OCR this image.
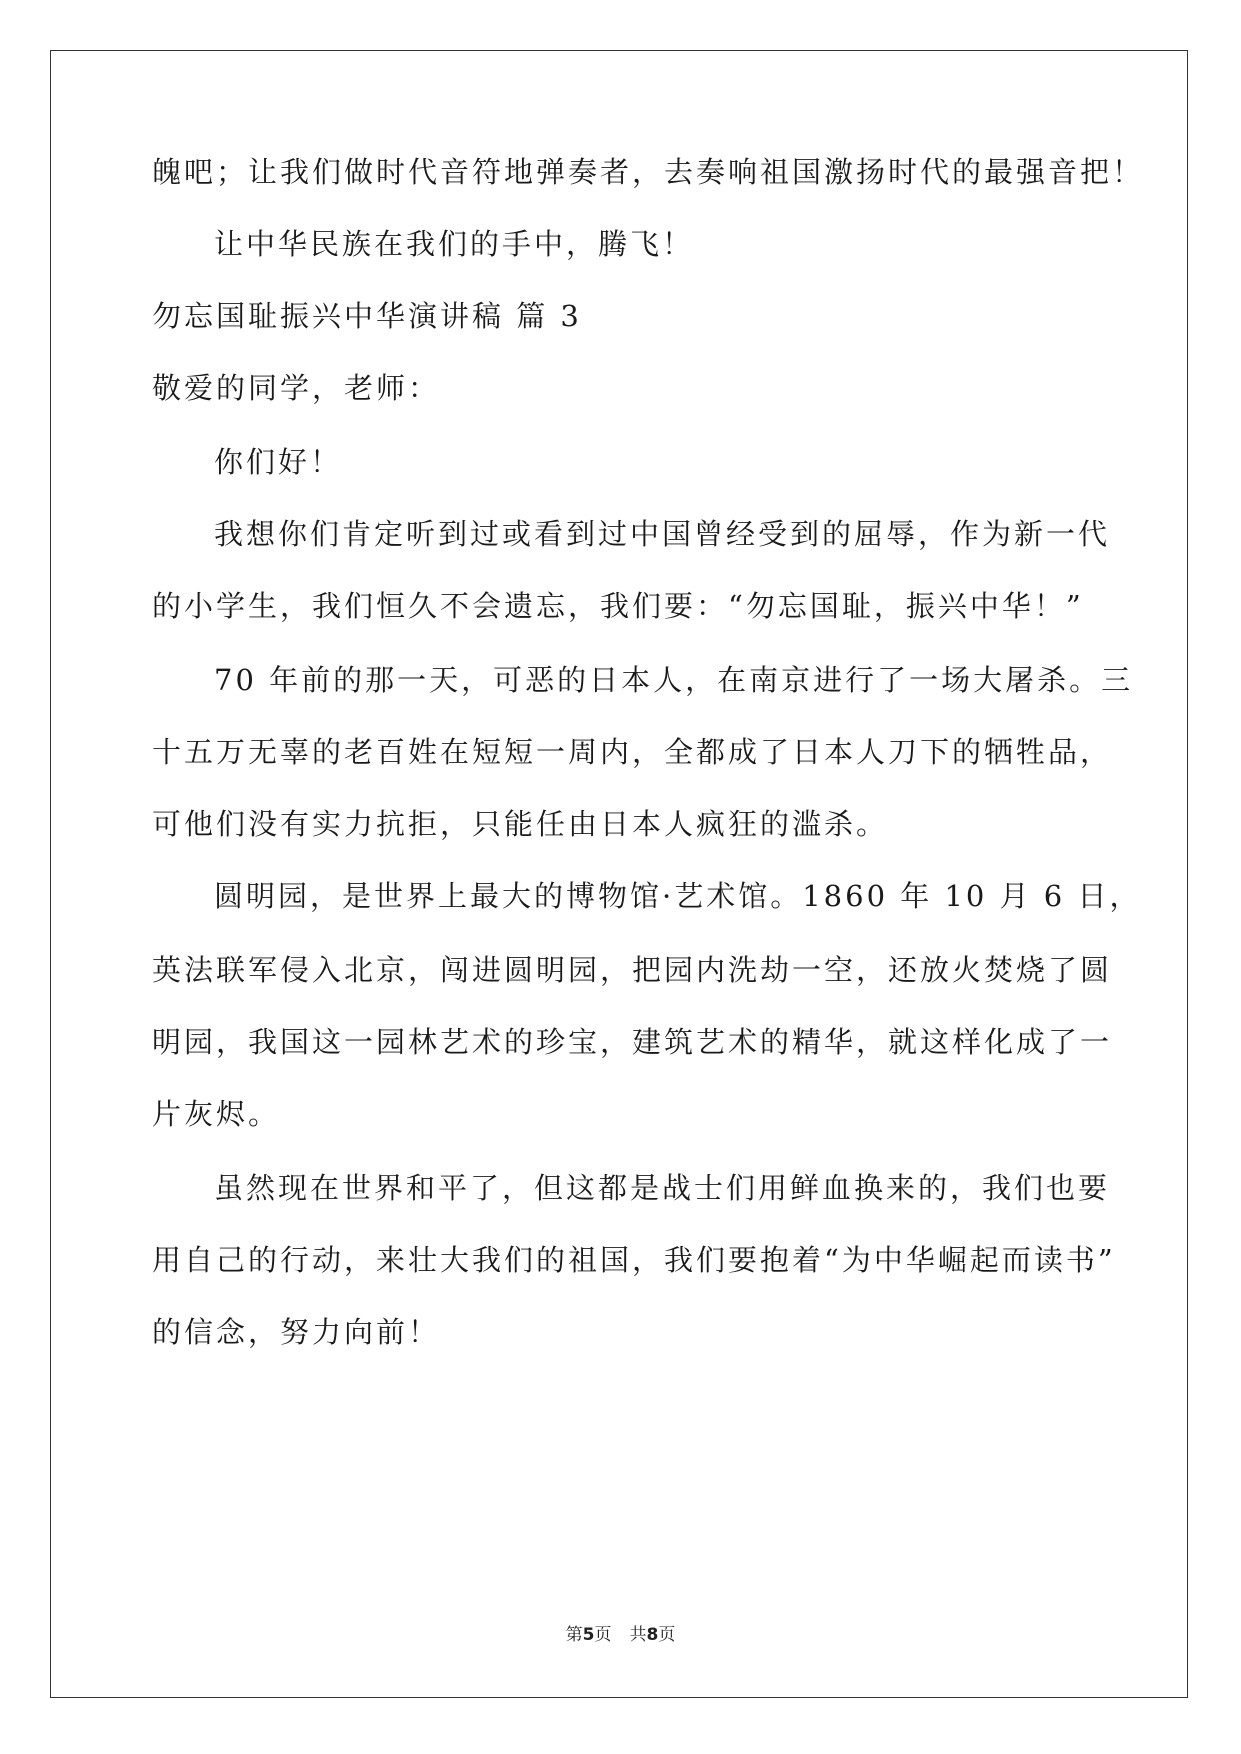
魄吧；让我们做时代音符地弹奏者，去奏响祖国激扬时代的最强音把！
让中华民族在我们的手中，腾飞！
勿忘国耻振兴中华演讲稿 篇 3
敬爱的同学，老师：
你们好！
我想你们肯定听到过或看到过中国曾经受到的屈辱，作为新一代
的小学生，我们恒久不会遗忘，我们要：“勿忘国耻，振兴中华！”
70 年前的那一天，可恶的日本人，在南京进行了一场大屠杀。三
十五万无辜的老百姓在短短一周内，全都成了日本人刀下的牺牲品，
可他们没有实力抗拒，只能任由日本人疯狂的滥杀。
圆明园，是世界上最大的博物馆·艺术馆。1860 年 10 月 6 日，
英法联军侵入北京，闯进圆明园，把园内洗劫一空，还放火焚烧了圆
明园，我国这一园林艺术的珍宝，建筑艺术的精华，就这样化成了一
片灰烬。
虽然现在世界和平了，但这都是战士们用鲜血换来的，我们也要
用自己的行动，来壮大我们的祖国，我们要抱着“为中华崛起而读书”
的信念，努力向前！
第5页 共8页
